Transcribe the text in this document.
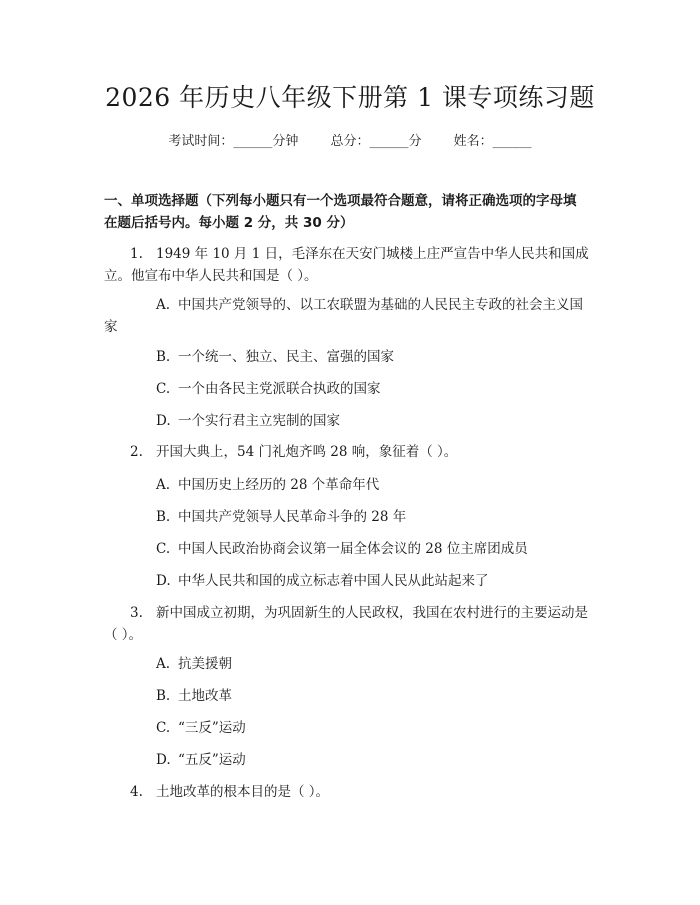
2026 年历史八年级下册第 1 课专项练习题
考试时间：______分钟 总分：______分 姓名：______
一、单项选择题（下列每小题只有一个选项最符合题意，请将正确选项的字母填
在题后括号内。每小题 2 分，共 30 分）
1. 1949 年 10 月 1 日，毛泽东在天安门城楼上庄严宣告中华人民共和国成
立。他宣布中华人民共和国是（ ）。
A. 中国共产党领导的、以工农联盟为基础的人民民主专政的社会主义国
家
B. 一个统一、独立、民主、富强的国家
C. 一个由各民主党派联合执政的国家
D. 一个实行君主立宪制的国家
2. 开国大典上，54 门礼炮齐鸣 28 响，象征着（ ）。
A. 中国历史上经历的 28 个革命年代
B. 中国共产党领导人民革命斗争的 28 年
C. 中国人民政治协商会议第一届全体会议的 28 位主席团成员
D. 中华人民共和国的成立标志着中国人民从此站起来了
3. 新中国成立初期，为巩固新生的人民政权，我国在农村进行的主要运动是
（ ）。
A. 抗美援朝
B. 土地改革
C. “三反”运动
D. “五反”运动
4. 土地改革的根本目的是（ ）。
